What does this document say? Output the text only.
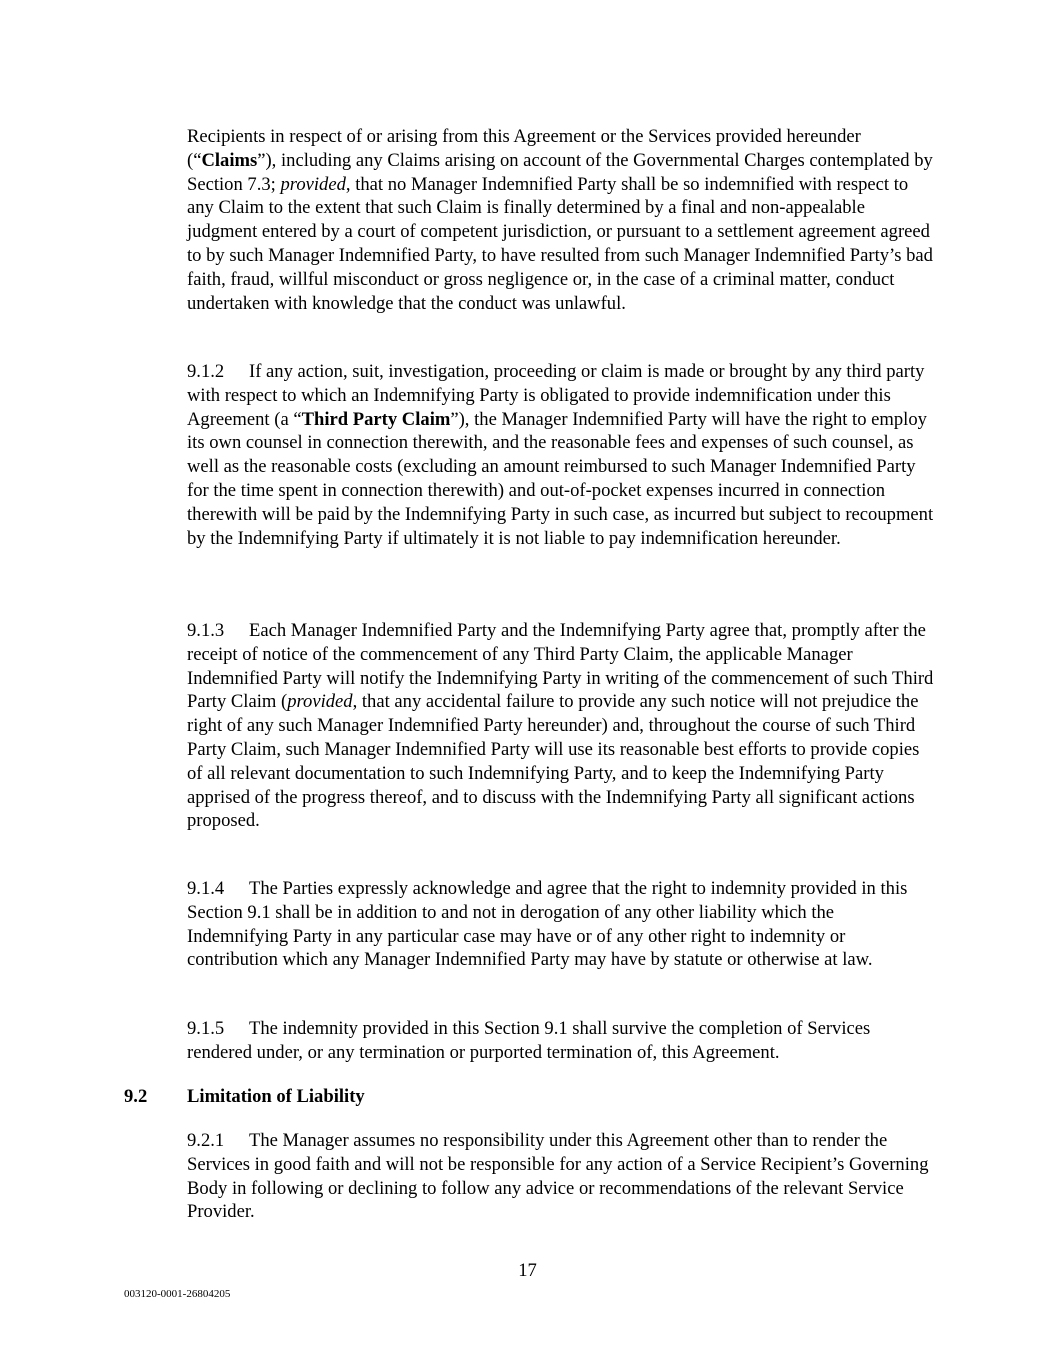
Recipients in respect of or arising from this Agreement or the Services provided hereunder (“Claims”), including any Claims arising on account of the Governmental Charges contemplated by Section 7.3; provided, that no Manager Indemnified Party shall be so indemnified with respect to any Claim to the extent that such Claim is finally determined by a final and non-appealable judgment entered by a court of competent jurisdiction, or pursuant to a settlement agreement agreed to by such Manager Indemnified Party, to have resulted from such Manager Indemnified Party’s bad faith, fraud, willful misconduct or gross negligence or, in the case of a criminal matter, conduct undertaken with knowledge that the conduct was unlawful.

9.1.2 If any action, suit, investigation, proceeding or claim is made or brought by any third party with respect to which an Indemnifying Party is obligated to provide indemnification under this Agreement (a “Third Party Claim”), the Manager Indemnified Party will have the right to employ its own counsel in connection therewith, and the reasonable fees and expenses of such counsel, as well as the reasonable costs (excluding an amount reimbursed to such Manager Indemnified Party for the time spent in connection therewith) and out-of-pocket expenses incurred in connection therewith will be paid by the Indemnifying Party in such case, as incurred but subject to recoupment by the Indemnifying Party if ultimately it is not liable to pay indemnification hereunder.

9.1.3 Each Manager Indemnified Party and the Indemnifying Party agree that, promptly after the receipt of notice of the commencement of any Third Party Claim, the applicable Manager Indemnified Party will notify the Indemnifying Party in writing of the commencement of such Third Party Claim (provided, that any accidental failure to provide any such notice will not prejudice the right of any such Manager Indemnified Party hereunder) and, throughout the course of such Third Party Claim, such Manager Indemnified Party will use its reasonable best efforts to provide copies of all relevant documentation to such Indemnifying Party, and to keep the Indemnifying Party apprised of the progress thereof, and to discuss with the Indemnifying Party all significant actions proposed.

9.1.4 The Parties expressly acknowledge and agree that the right to indemnity provided in this Section 9.1 shall be in addition to and not in derogation of any other liability which the Indemnifying Party in any particular case may have or of any other right to indemnity or contribution which any Manager Indemnified Party may have by statute or otherwise at law.

9.1.5 The indemnity provided in this Section 9.1 shall survive the completion of Services rendered under, or any termination or purported termination of, this Agreement.

9.2 Limitation of Liability

9.2.1 The Manager assumes no responsibility under this Agreement other than to render the Services in good faith and will not be responsible for any action of a Service Recipient’s Governing Body in following or declining to follow any advice or recommendations of the relevant Service Provider.

17
003120-0001-26804205
